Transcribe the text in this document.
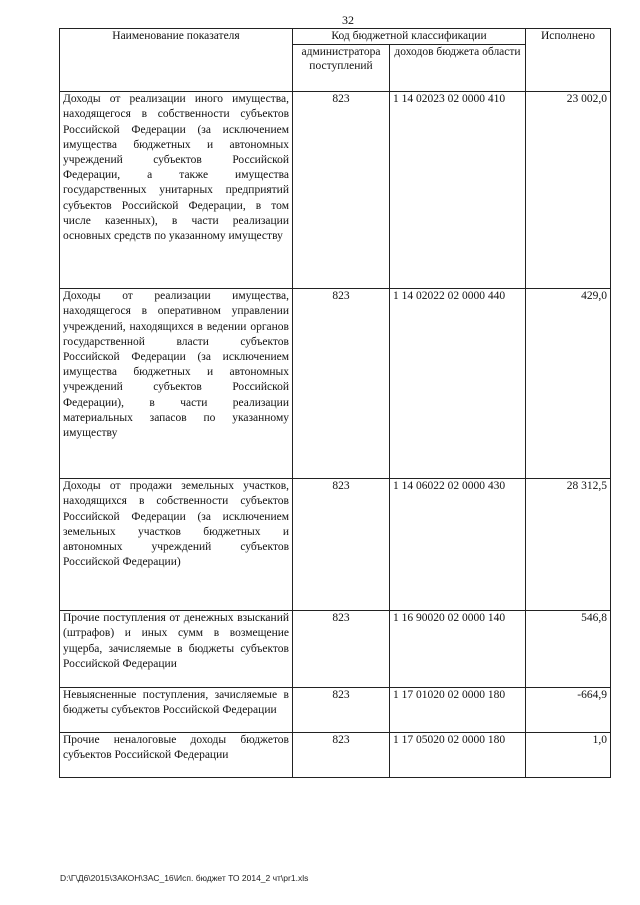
32
Наименование показателя	Код бюджетной классификации		Исполнено
	администратора поступлений	доходов бюджета области	
Доходы от реализации иного имущества, находящегося в собственности субъектов Российской Федерации (за исключением имущества бюджетных и автономных учреждений субъектов Российской Федерации, а также имущества государственных унитарных предприятий субъектов Российской Федерации, в том числе казенных), в части реализации основных средств по указанному имуществу	823	1 14 02023 02 0000 410	23 002,0
Доходы от реализации имущества, находящегося в оперативном управлении учреждений, находящихся в ведении органов государственной власти субъектов Российской Федерации (за исключением имущества бюджетных и автономных учреждений субъектов Российской Федерации), в части реализации материальных запасов по указанному имуществу	823	1 14 02022 02 0000 440	429,0
Доходы от продажи земельных участков, находящихся в собственности субъектов Российской Федерации (за исключением земельных участков бюджетных и автономных учреждений субъектов Российской Федерации)	823	1 14 06022 02 0000 430	28 312,5
Прочие поступления от денежных взысканий (штрафов) и иных сумм в возмещение ущерба, зачисляемые в бюджеты субъектов Российской Федерации	823	1 16 90020 02 0000 140	546,8
Невыясненные поступления, зачисляемые в бюджеты субъектов Российской Федерации	823	1 17 01020 02 0000 180	-664,9
Прочие неналоговые доходы бюджетов субъектов Российской Федерации	823	1 17 05020 02 0000 180	1,0
D:\Г\Д6\2015\ЗАКОН\ЗАС_16\Исп. бюджет ТО 2014_2 чт\рr1.xls
